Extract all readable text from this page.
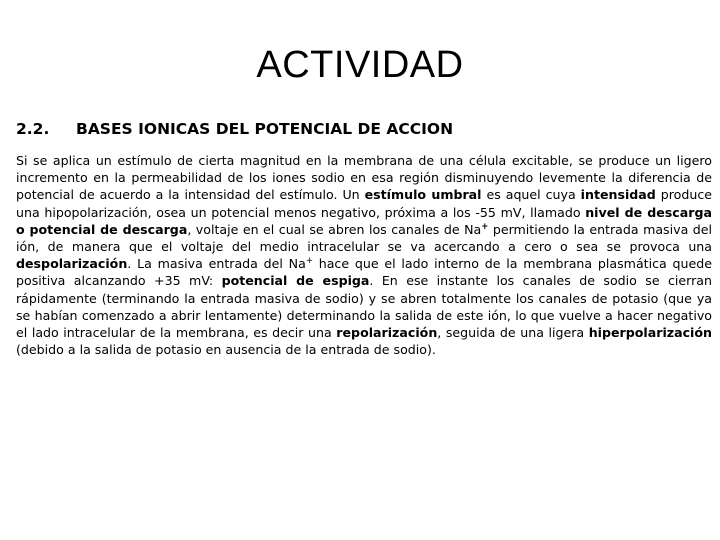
ACTIVIDAD
2.2. BASES IONICAS DEL POTENCIAL DE ACCION

Si se aplica un estímulo de cierta magnitud en la membrana de una célula excitable, se produce un ligero incremento en la permeabilidad de los iones sodio en esa región disminuyendo levemente la diferencia de potencial de acuerdo a la intensidad del estímulo. Un estímulo umbral es aquel cuya intensidad produce una hipopolarización, osea un potencial menos negativo, próxima a los -55 mV, llamado nivel de descarga o potencial de descarga, voltaje en el cual se abren los canales de Na+ permitiendo la entrada masiva del ión, de manera que el voltaje del medio intracelular se va acercando a cero o sea se provoca una despolarización. La masiva entrada del Na+ hace que el lado interno de la membrana plasmática quede positiva alcanzando +35 mV: potencial de espiga. En ese instante los canales de sodio se cierran rápidamente (terminando la entrada masiva de sodio) y se abren totalmente los canales de potasio (que ya se habían comenzado a abrir lentamente) determinando la salida de este ión, lo que vuelve a hacer negativo el lado intracelular de la membrana, es decir una repolarización, seguida de una ligera hiperpolarización (debido a la salida de potasio en ausencia de la entrada de sodio).
